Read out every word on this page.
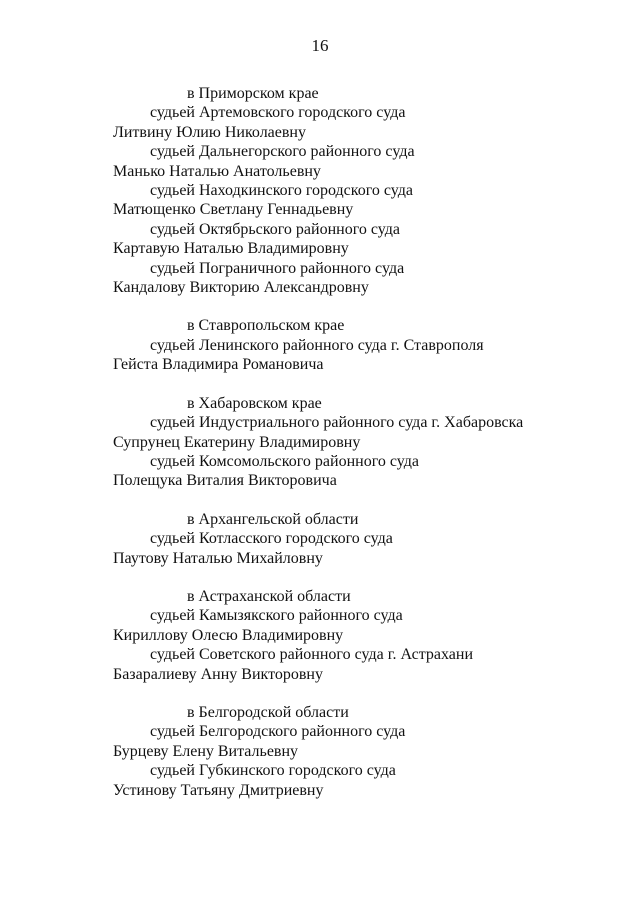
16
в Приморском крае
судьей Артемовского городского суда
Литвину Юлию Николаевну
судьей Дальнегорского районного суда
Манько Наталью Анатольевну
судьей Находкинского городского суда
Матющенко Светлану Геннадьевну
судьей Октябрьского районного суда
Картавую Наталью Владимировну
судьей Пограничного районного суда
Кандалову Викторию Александровну
в Ставропольском крае
судьей Ленинского районного суда г. Ставрополя
Гейста Владимира Романовича
в Хабаровском крае
судьей Индустриального районного суда г. Хабаровска
Супрунец Екатерину Владимировну
судьей Комсомольского районного суда
Полещука Виталия Викторовича
в Архангельской области
судьей Котласского городского суда
Паутову Наталью Михайловну
в Астраханской области
судьей Камызякского районного суда
Кириллову Олесю Владимировну
судьей Советского районного суда г. Астрахани
Базаралиеву Анну Викторовну
в Белгородской области
судьей Белгородского районного суда
Бурцеву Елену Витальевну
судьей Губкинского городского суда
Устинову Татьяну Дмитриевну
